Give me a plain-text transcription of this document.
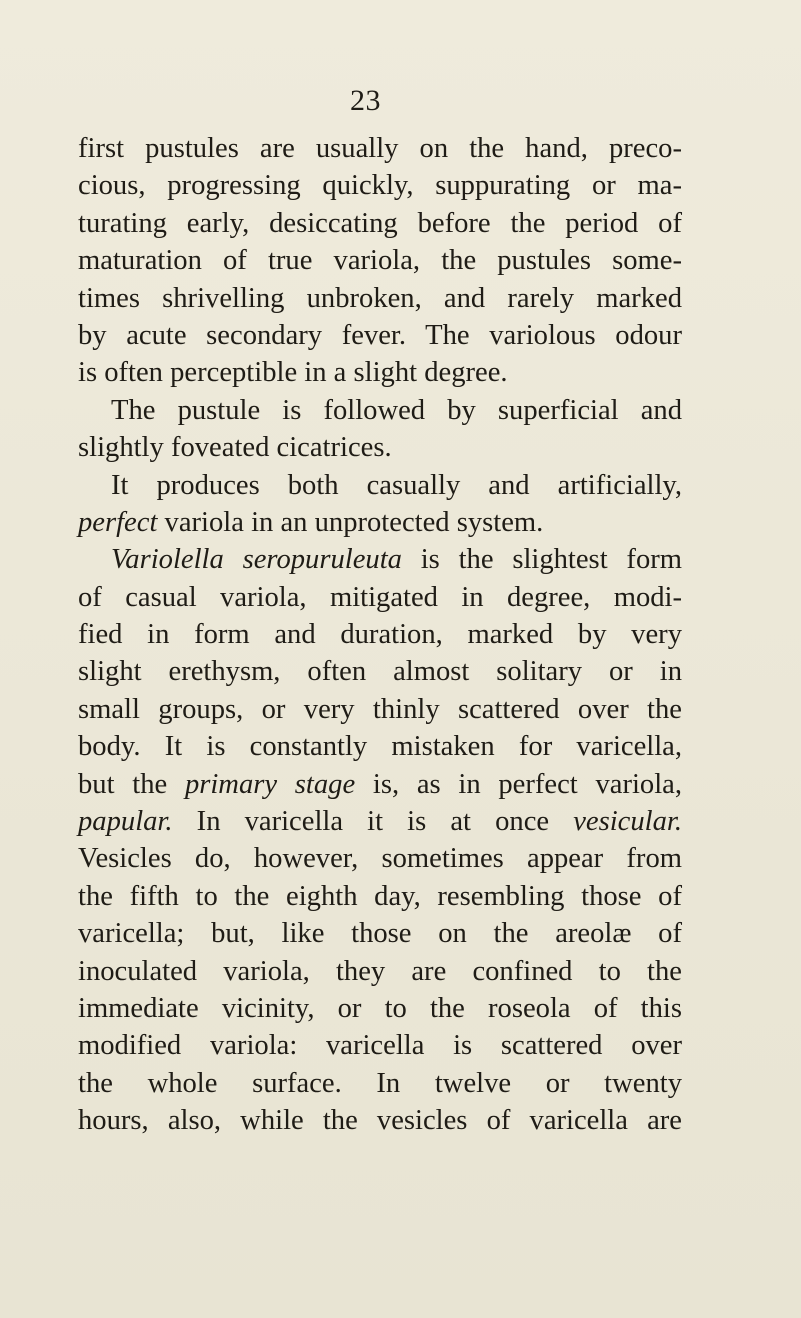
23
first pustules are usually on the hand, preco-
cious, progressing quickly, suppurating or ma-
turating early, desiccating before the period of
maturation of true variola, the pustules some-
times shrivelling unbroken, and rarely marked
by acute secondary fever. The variolous odour
is often perceptible in a slight degree.
The pustule is followed by superficial and
slightly foveated cicatrices.
It produces both casually and artificially,
perfect variola in an unprotected system.
Variolella seropuruleuta is the slightest form
of casual variola, mitigated in degree, modi-
fied in form and duration, marked by very
slight erethysm, often almost solitary or in
small groups, or very thinly scattered over the
body. It is constantly mistaken for varicella,
but the primary stage is, as in perfect variola,
papular. In varicella it is at once vesicular.
Vesicles do, however, sometimes appear from
the fifth to the eighth day, resembling those of
varicella; but, like those on the areolæ of
inoculated variola, they are confined to the
immediate vicinity, or to the roseola of this
modified variola: varicella is scattered over
the whole surface. In twelve or twenty
hours, also, while the vesicles of varicella are
